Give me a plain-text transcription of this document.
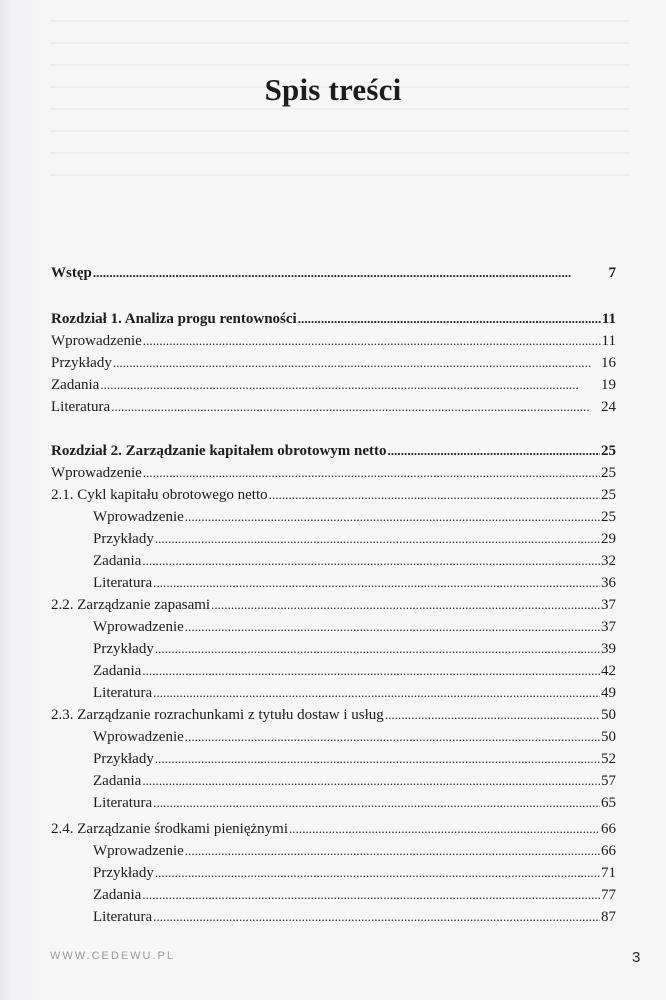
Spis treści
Wstęp . . .	7
Rozdział 1. Analiza progu rentowności . . .	11
Wprowadzenie . . .	11
Przykłady . . .	16
Zadania . . .	19
Literatura . . .	24
Rozdział 2. Zarządzanie kapitałem obrotowym netto . . .	25
Wprowadzenie . . .	25
2.1. Cykl kapitału obrotowego netto . . .	25
Wprowadzenie . . .	25
Przykłady . . .	29
Zadania . . .	32
Literatura . . .	36
2.2. Zarządzanie zapasami . . .	37
Wprowadzenie . . .	37
Przykłady . . .	39
Zadania . . .	42
Literatura . . .	49
2.3. Zarządzanie rozrachunkami z tytułu dostaw i usług . . .	50
Wprowadzenie . . .	50
Przykłady . . .	52
Zadania . . .	57
Literatura . . .	65
2.4. Zarządzanie środkami pieniężnymi . . .	66
Wprowadzenie . . .	66
Przykłady . . .	71
Zadania . . .	77
Literatura . . .	87
WWW.CEDEWU.PL	3
